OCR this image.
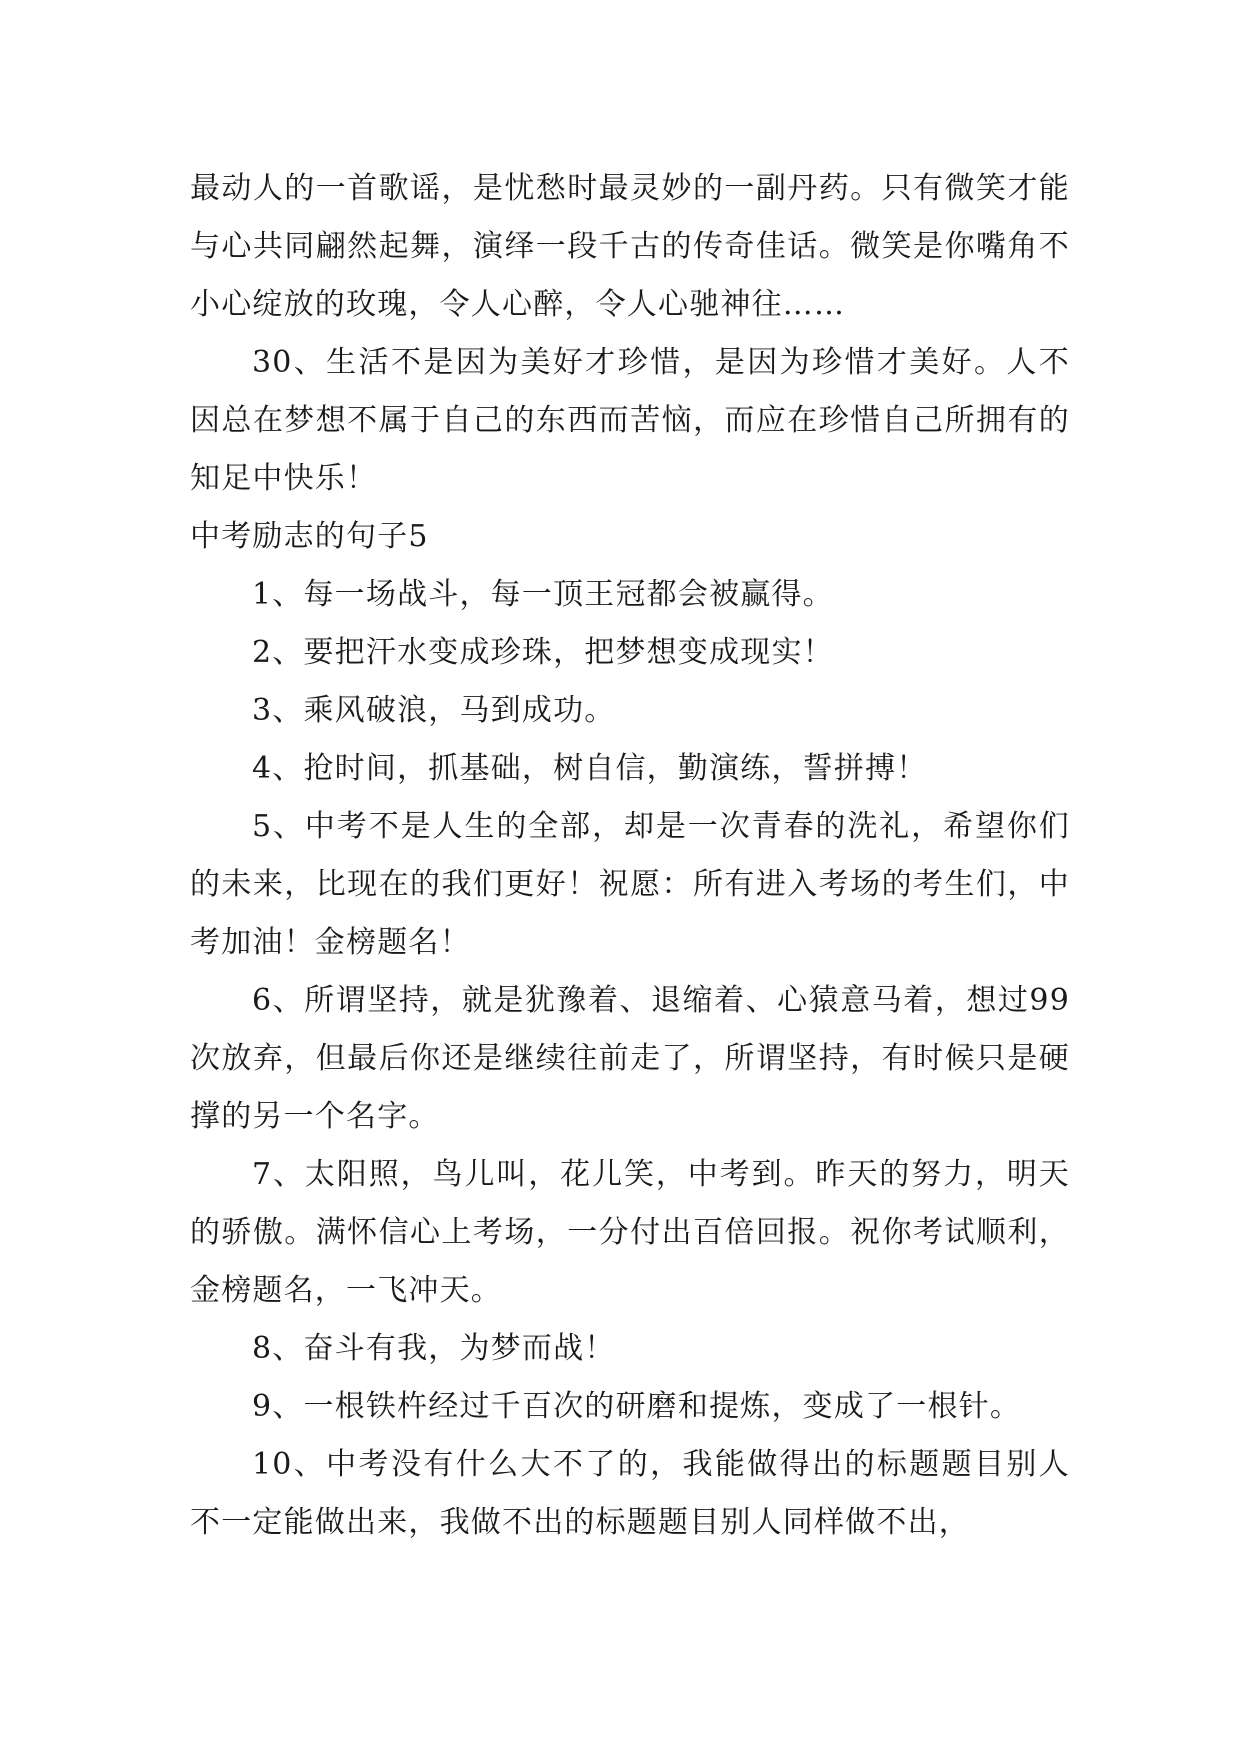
最动人的一首歌谣，是忧愁时最灵妙的一副丹药。只有微笑才能与心共同翩然起舞，演绎一段千古的传奇佳话。微笑是你嘴角不小心绽放的玫瑰，令人心醉，令人心驰神往……

30、生活不是因为美好才珍惜，是因为珍惜才美好。人不因总在梦想不属于自己的东西而苦恼，而应在珍惜自己所拥有的知足中快乐！

中考励志的句子5

1、每一场战斗，每一顶王冠都会被赢得。

2、要把汗水变成珍珠，把梦想变成现实！

3、乘风破浪，马到成功。

4、抢时间，抓基础，树自信，勤演练，誓拼搏！

5、中考不是人生的全部，却是一次青春的洗礼，希望你们的未来，比现在的我们更好！祝愿：所有进入考场的考生们，中考加油！金榜题名！

6、所谓坚持，就是犹豫着、退缩着、心猿意马着，想过99次放弃，但最后你还是继续往前走了，所谓坚持，有时候只是硬撑的另一个名字。

7、太阳照，鸟儿叫，花儿笑，中考到。昨天的努力，明天的骄傲。满怀信心上考场，一分付出百倍回报。祝你考试顺利，金榜题名，一飞冲天。

8、奋斗有我，为梦而战！

9、一根铁杵经过千百次的研磨和提炼，变成了一根针。

10、中考没有什么大不了的，我能做得出的标题题目别人不一定能做出来，我做不出的标题题目别人同样做不出，
